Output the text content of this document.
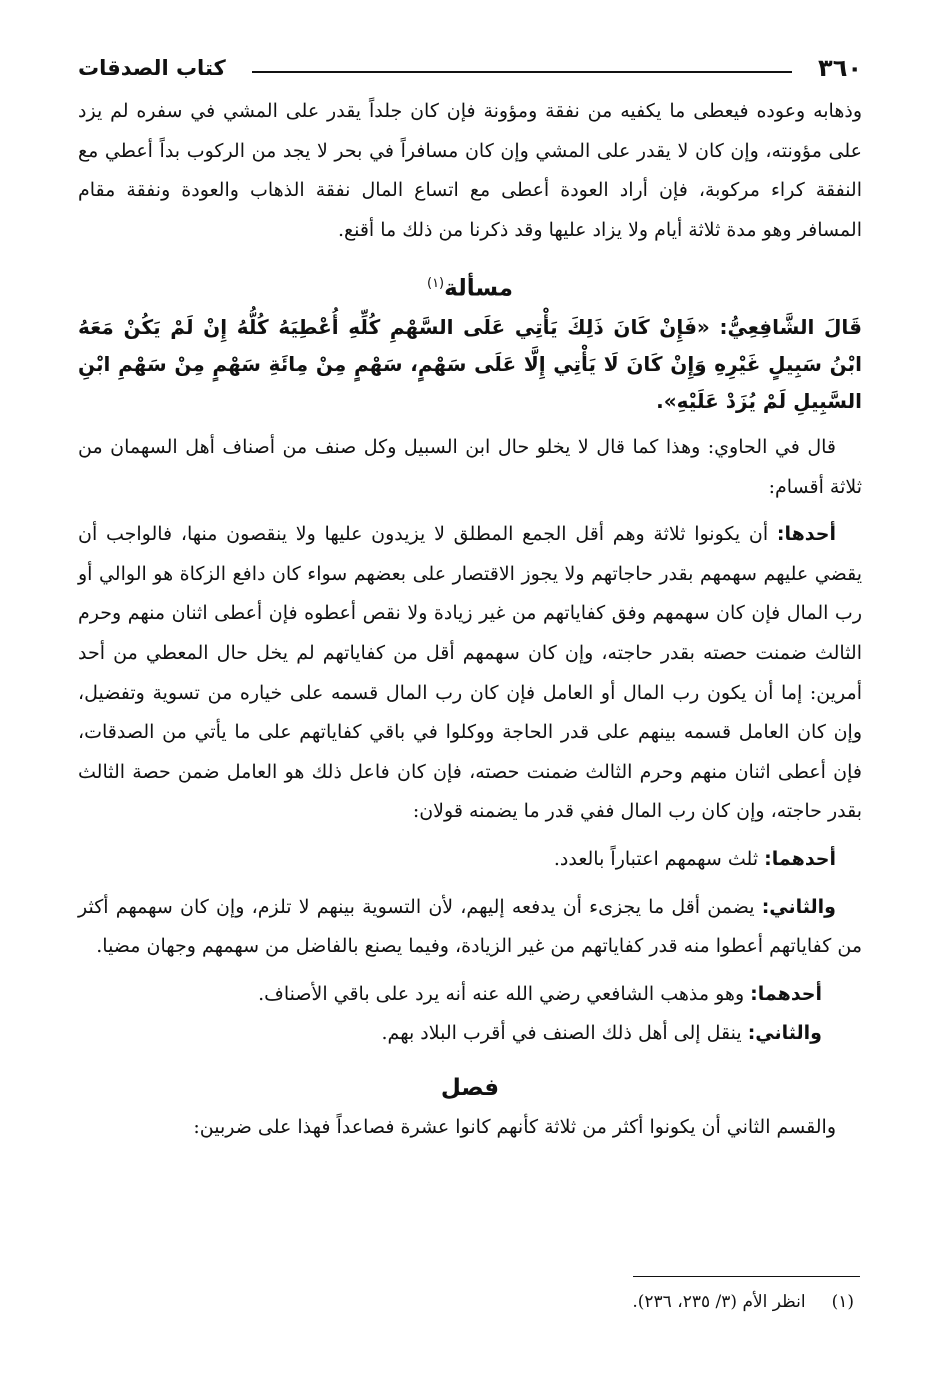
٣٦٠
كتاب الصدقات

وذهابه وعوده فيعطى ما يكفيه من نفقة ومؤونة فإن كان جلداً يقدر على المشي في سفره لم يزد على مؤونته، وإن كان لا يقدر على المشي وإن كان مسافراً في بحر لا يجد من الركوب بداً أعطي مع النفقة كراء مركوبة، فإن أراد العودة أعطى مع اتساع المال نفقة الذهاب والعودة ونفقة مقام المسافر وهو مدة ثلاثة أيام ولا يزاد عليها وقد ذكرنا من ذلك ما أقنع.

مسألة$^{(١)}$

قَالَ الشَّافِعِيُّ: «فَإِنْ كَانَ ذَلِكَ يَأْتِي عَلَى السَّهْمِ كُلِّهِ أُعْطِيَهُ كُلُّهُ إِنْ لَمْ يَكُنْ مَعَهُ ابْنُ سَبِيلٍ غَيْرِهِ وَإِنْ كَانَ لَا يَأْتِي إِلَّا عَلَى سَهْمٍ، سَهْمٍ مِنْ مِائَةِ سَهْمٍ مِنْ سَهْمِ ابْنِ السَّبِيلِ لَمْ يُزَدْ عَلَيْهِ».

قال في الحاوي: وهذا كما قال لا يخلو حال ابن السبيل وكل صنف من أصناف أهل السهمان من ثلاثة أقسام:

أحدها: أن يكونوا ثلاثة وهم أقل الجمع المطلق لا يزيدون عليها ولا ينقصون منها، فالواجب أن يقضي عليهم سهمهم بقدر حاجاتهم ولا يجوز الاقتصار على بعضهم سواء كان دافع الزكاة هو الوالي أو رب المال فإن كان سهمهم وفق كفاياتهم من غير زيادة ولا نقص أعطوه فإن أعطى اثنان منهم وحرم الثالث ضمنت حصته بقدر حاجته، وإن كان سهمهم أقل من كفاياتهم لم يخل حال المعطي من أحد أمرين: إما أن يكون رب المال أو العامل فإن كان رب المال قسمه على خياره من تسوية وتفضيل، وإن كان العامل قسمه بينهم على قدر الحاجة ووكلوا في باقي كفاياتهم على ما يأتي من الصدقات، فإن أعطى اثنان منهم وحرم الثالث ضمنت حصته، فإن كان فاعل ذلك هو العامل ضمن حصة الثالث بقدر حاجته، وإن كان رب المال ففي قدر ما يضمنه قولان:

أحدهما: ثلث سهمهم اعتباراً بالعدد.

والثاني: يضمن أقل ما يجزىء أن يدفعه إليهم، لأن التسوية بينهم لا تلزم، وإن كان سهمهم أكثر من كفاياتهم أعطوا منه قدر كفاياتهم من غير الزيادة، وفيما يصنع بالفاضل من سهمهم وجهان مضيا.

أحدهما: وهو مذهب الشافعي رضي الله عنه أنه يرد على باقي الأصناف.

والثاني: ينقل إلى أهل ذلك الصنف في أقرب البلاد بهم.

فصل

والقسم الثاني أن يكونوا أكثر من ثلاثة كأنهم كانوا عشرة فصاعداً فهذا على ضربين:

(١)انظر الأم (٣/ ٢٣٥، ٢٣٦).
